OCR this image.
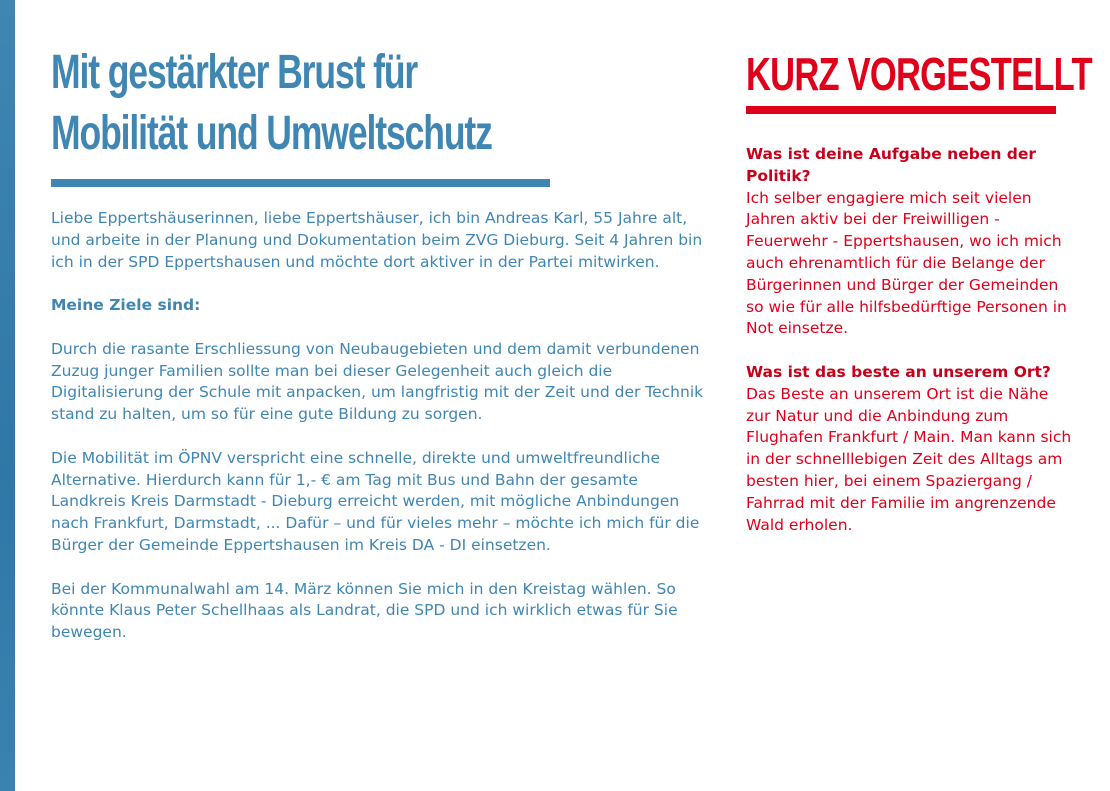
Mit gestärkter Brust für
Mobilität und Umweltschutz

Liebe Eppertshäuserinnen, liebe Eppertshäuser, ich bin Andreas Karl, 55 Jahre alt, und arbeite in der Planung und Dokumentation beim ZVG Dieburg. Seit 4 Jahren bin ich in der SPD Eppertshausen und möchte dort aktiver in der Partei mitwirken.

Meine Ziele sind:

Durch die rasante Erschliessung von Neubaugebieten und dem damit verbundenen Zuzug junger Familien sollte man bei dieser Gelegenheit auch gleich die Digitalisierung der Schule mit anpacken, um langfristig mit der Zeit und der Technik stand zu halten, um so für eine gute Bildung zu sorgen.

Die Mobilität im ÖPNV verspricht eine schnelle, direkte und umweltfreundliche Alternative. Hierdurch kann für 1,- € am Tag mit Bus und Bahn der gesamte Landkreis Kreis Darmstadt - Dieburg erreicht werden, mit mögliche Anbindungen nach Frankfurt, Darmstadt, ... Dafür – und für vieles mehr – möchte ich mich für die Bürger der Gemeinde Eppertshausen im Kreis DA - DI einsetzen.

Bei der Kommunalwahl am 14. März können Sie mich in den Kreistag wählen. So könnte Klaus Peter Schellhaas als Landrat, die SPD und ich wirklich etwas für Sie bewegen.

KURZ VORGESTELLT

Was ist deine Aufgabe neben der Politik?

Ich selber engagiere mich seit vielen Jahren aktiv bei der Freiwilligen - Feuerwehr - Eppertshausen, wo ich mich auch ehrenamtlich für die Belange der Bürgerinnen und Bürger der Gemeinden so wie für alle hilfsbedürftige Personen in Not einsetze.

Was ist das beste an unserem Ort?

Das Beste an unserem Ort ist die Nähe zur Natur und die Anbindung zum Flughafen Frankfurt / Main. Man kann sich in der schnelllebigen Zeit des Alltags am besten hier, bei einem Spaziergang / Fahrrad mit der Familie im angrenzende Wald erholen.
